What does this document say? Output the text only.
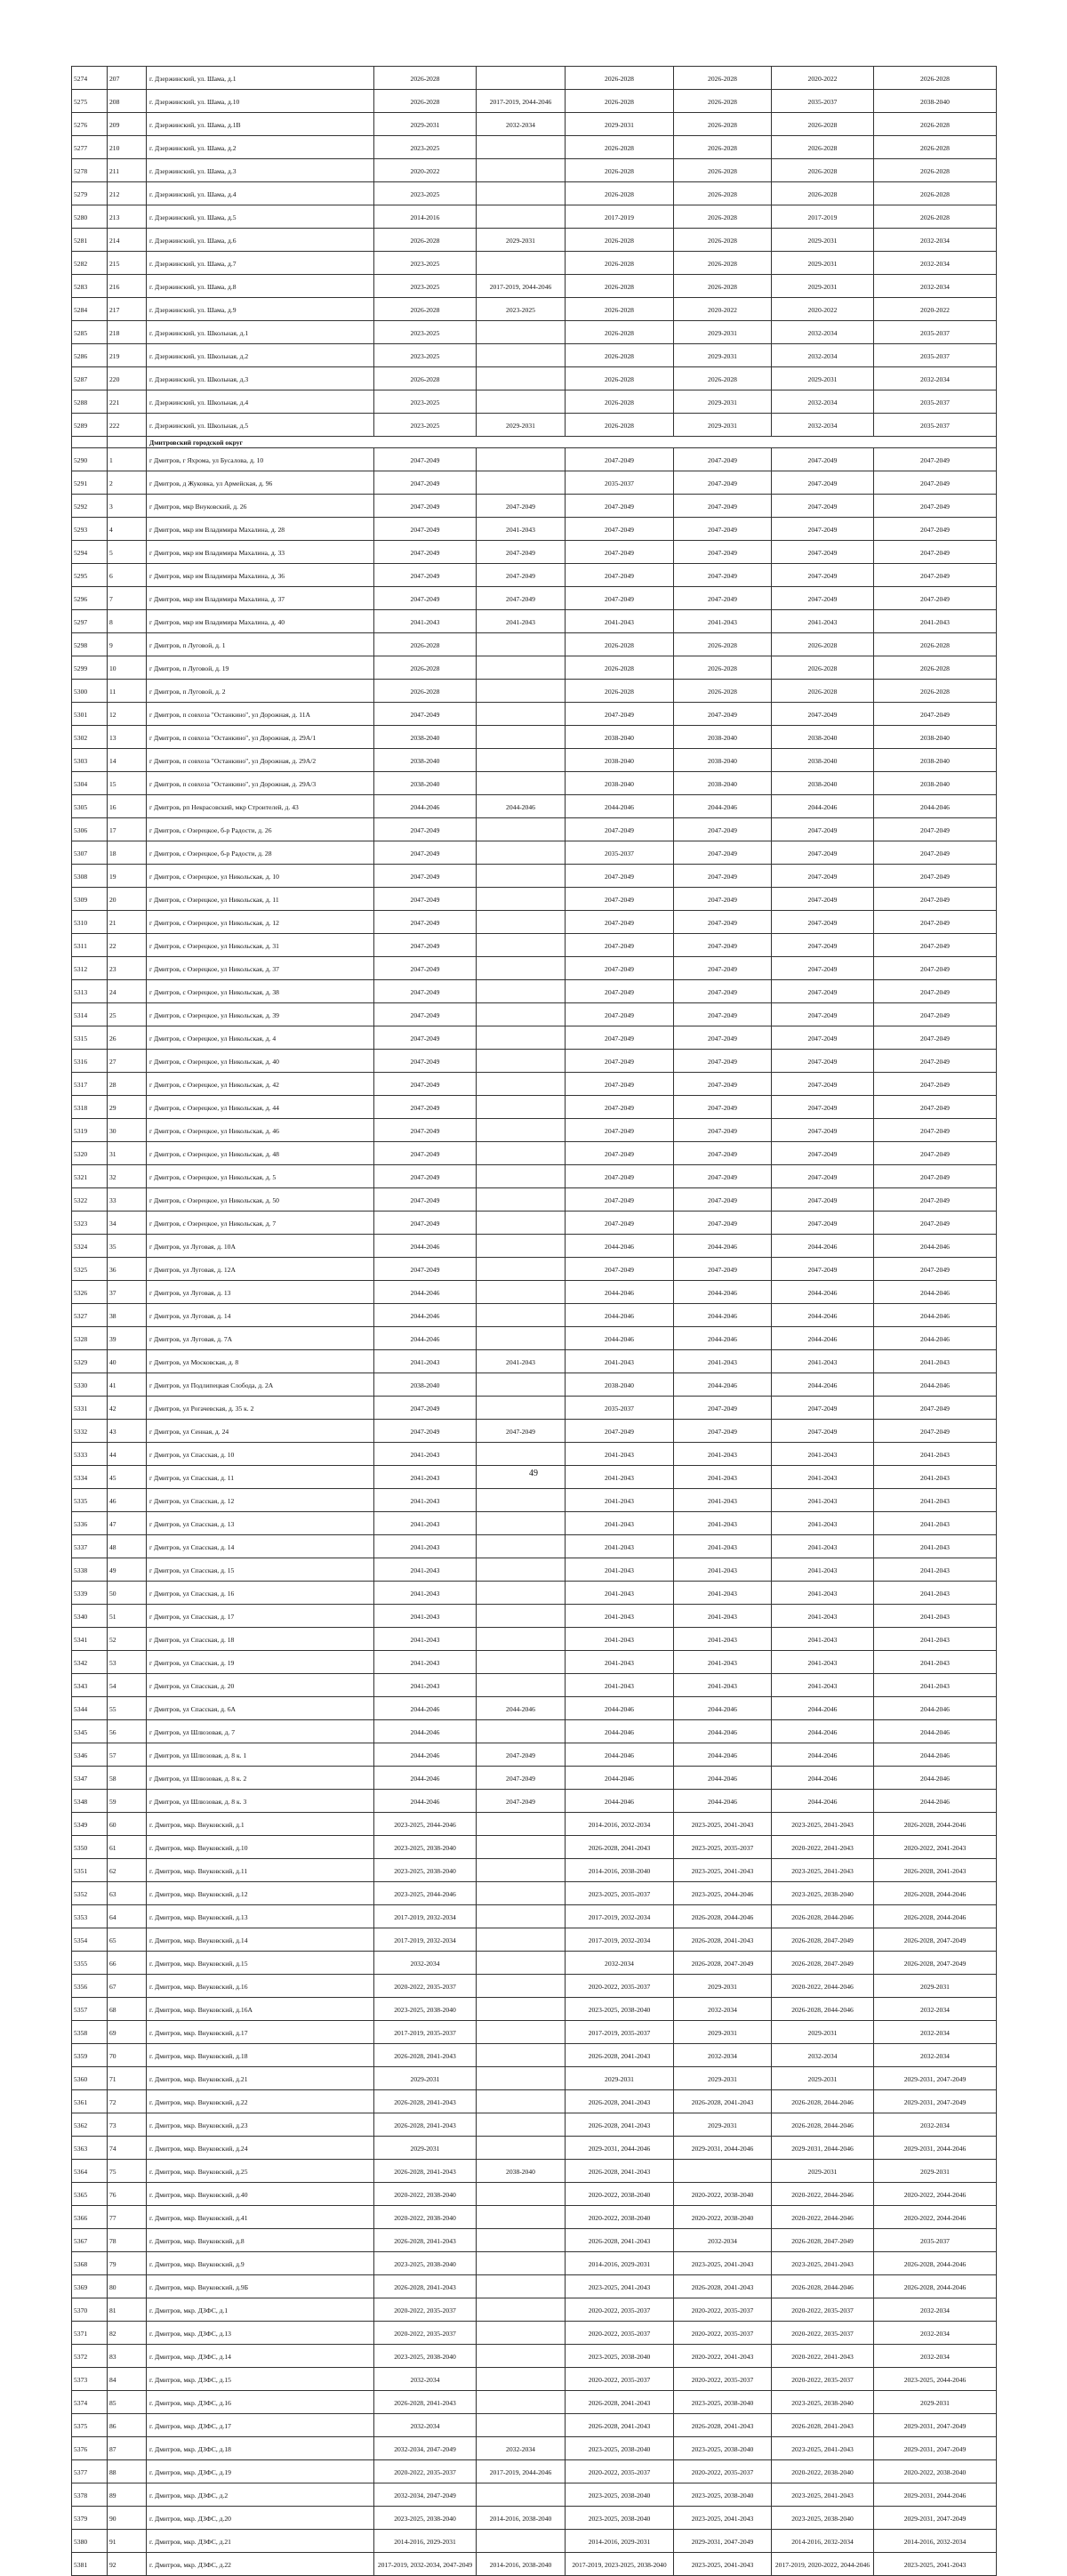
5274	207	г. Дзержинский, ул. Шама, д.1	2026-2028		2026-2028	2026-2028	2020-2022	2026-2028
5275	208	г. Дзержинский, ул. Шама, д.10	2026-2028	2017-2019, 2044-2046	2026-2028	2026-2028	2035-2037	2038-2040
5276	209	г. Дзержинский, ул. Шама, д.1В	2029-2031	2032-2034	2029-2031	2026-2028	2026-2028	2026-2028
5277	210	г. Дзержинский, ул. Шама, д.2	2023-2025		2026-2028	2026-2028	2026-2028	2026-2028
5278	211	г. Дзержинский, ул. Шама, д.3	2020-2022		2026-2028	2026-2028	2026-2028	2026-2028
5279	212	г. Дзержинский, ул. Шама, д.4	2023-2025		2026-2028	2026-2028	2026-2028	2026-2028
5280	213	г. Дзержинский, ул. Шама, д.5	2014-2016		2017-2019	2026-2028	2017-2019	2026-2028
5281	214	г. Дзержинский, ул. Шама, д.6	2026-2028	2029-2031	2026-2028	2026-2028	2029-2031	2032-2034
5282	215	г. Дзержинский, ул. Шама, д.7	2023-2025		2026-2028	2026-2028	2029-2031	2032-2034
5283	216	г. Дзержинский, ул. Шама, д.8	2023-2025	2017-2019, 2044-2046	2026-2028	2026-2028	2029-2031	2032-2034
5284	217	г. Дзержинский, ул. Шама, д.9	2026-2028	2023-2025	2026-2028	2020-2022	2020-2022	2020-2022
5285	218	г. Дзержинский, ул. Школьная, д.1	2023-2025		2026-2028	2029-2031	2032-2034	2035-2037
5286	219	г. Дзержинский, ул. Школьная, д.2	2023-2025		2026-2028	2029-2031	2032-2034	2035-2037
5287	220	г. Дзержинский, ул. Школьная, д.3	2026-2028		2026-2028	2026-2028	2029-2031	2032-2034
5288	221	г. Дзержинский, ул. Школьная, д.4	2023-2025		2026-2028	2029-2031	2032-2034	2035-2037
5289	222	г. Дзержинский, ул. Школьная, д.5	2023-2025	2029-2031	2026-2028	2029-2031	2032-2034	2035-2037
		Дмитровский городской округ						
5290	1	г Дмитров, г Яхрома, ул Бусалова, д. 10	2047-2049		2047-2049	2047-2049	2047-2049	2047-2049
5291	2	г Дмитров, д Жуковка, ул Армейская, д. 96	2047-2049		2035-2037	2047-2049	2047-2049	2047-2049
5292	3	г Дмитров, мкр Внуковский, д. 26	2047-2049	2047-2049	2047-2049	2047-2049	2047-2049	2047-2049
5293	4	г Дмитров, мкр им Владимира Махалина, д. 28	2047-2049	2041-2043	2047-2049	2047-2049	2047-2049	2047-2049
5294	5	г Дмитров, мкр им Владимира Махалина, д. 33	2047-2049	2047-2049	2047-2049	2047-2049	2047-2049	2047-2049
5295	6	г Дмитров, мкр им Владимира Махалина, д. 36	2047-2049	2047-2049	2047-2049	2047-2049	2047-2049	2047-2049
5296	7	г Дмитров, мкр им Владимира Махалина, д. 37	2047-2049	2047-2049	2047-2049	2047-2049	2047-2049	2047-2049
5297	8	г Дмитров, мкр им Владимира Махалина, д. 40	2041-2043	2041-2043	2041-2043	2041-2043	2041-2043	2041-2043
5298	9	г Дмитров, п Луговой, д. 1	2026-2028		2026-2028	2026-2028	2026-2028	2026-2028
5299	10	г Дмитров, п Луговой, д. 19	2026-2028		2026-2028	2026-2028	2026-2028	2026-2028
5300	11	г Дмитров, п Луговой, д. 2	2026-2028		2026-2028	2026-2028	2026-2028	2026-2028
5301	12	г Дмитров, п совхоза "Останкино", ул Дорожная, д. 11А	2047-2049		2047-2049	2047-2049	2047-2049	2047-2049
5302	13	г Дмитров, п совхоза "Останкино", ул Дорожная, д. 29А/1	2038-2040		2038-2040	2038-2040	2038-2040	2038-2040
5303	14	г Дмитров, п совхоза "Останкино", ул Дорожная, д. 29А/2	2038-2040		2038-2040	2038-2040	2038-2040	2038-2040
5304	15	г Дмитров, п совхоза "Останкино", ул Дорожная, д. 29А/3	2038-2040		2038-2040	2038-2040	2038-2040	2038-2040
5305	16	г Дмитров, рп Некрасовский, мкр Строителей, д. 43	2044-2046	2044-2046	2044-2046	2044-2046	2044-2046	2044-2046
5306	17	г Дмитров, с Озерецкое, б-р Радости, д. 26	2047-2049		2047-2049	2047-2049	2047-2049	2047-2049
5307	18	г Дмитров, с Озерецкое, б-р Радости, д. 28	2047-2049		2035-2037	2047-2049	2047-2049	2047-2049
5308	19	г Дмитров, с Озерецкое, ул Никольская, д. 10	2047-2049		2047-2049	2047-2049	2047-2049	2047-2049
5309	20	г Дмитров, с Озерецкое, ул Никольская, д. 11	2047-2049		2047-2049	2047-2049	2047-2049	2047-2049
5310	21	г Дмитров, с Озерецкое, ул Никольская, д. 12	2047-2049		2047-2049	2047-2049	2047-2049	2047-2049
5311	22	г Дмитров, с Озерецкое, ул Никольская, д. 31	2047-2049		2047-2049	2047-2049	2047-2049	2047-2049
5312	23	г Дмитров, с Озерецкое, ул Никольская, д. 37	2047-2049		2047-2049	2047-2049	2047-2049	2047-2049
5313	24	г Дмитров, с Озерецкое, ул Никольская, д. 38	2047-2049		2047-2049	2047-2049	2047-2049	2047-2049
5314	25	г Дмитров, с Озерецкое, ул Никольская, д. 39	2047-2049		2047-2049	2047-2049	2047-2049	2047-2049
5315	26	г Дмитров, с Озерецкое, ул Никольская, д. 4	2047-2049		2047-2049	2047-2049	2047-2049	2047-2049
5316	27	г Дмитров, с Озерецкое, ул Никольская, д. 40	2047-2049		2047-2049	2047-2049	2047-2049	2047-2049
5317	28	г Дмитров, с Озерецкое, ул Никольская, д. 42	2047-2049		2047-2049	2047-2049	2047-2049	2047-2049
5318	29	г Дмитров, с Озерецкое, ул Никольская, д. 44	2047-2049		2047-2049	2047-2049	2047-2049	2047-2049
5319	30	г Дмитров, с Озерецкое, ул Никольская, д. 46	2047-2049		2047-2049	2047-2049	2047-2049	2047-2049
5320	31	г Дмитров, с Озерецкое, ул Никольская, д. 48	2047-2049		2047-2049	2047-2049	2047-2049	2047-2049
5321	32	г Дмитров, с Озерецкое, ул Никольская, д. 5	2047-2049		2047-2049	2047-2049	2047-2049	2047-2049
5322	33	г Дмитров, с Озерецкое, ул Никольская, д. 50	2047-2049		2047-2049	2047-2049	2047-2049	2047-2049
5323	34	г Дмитров, с Озерецкое, ул Никольская, д. 7	2047-2049		2047-2049	2047-2049	2047-2049	2047-2049
5324	35	г Дмитров, ул Луговая, д. 10А	2044-2046		2044-2046	2044-2046	2044-2046	2044-2046
5325	36	г Дмитров, ул Луговая, д. 12А	2047-2049		2047-2049	2047-2049	2047-2049	2047-2049
5326	37	г Дмитров, ул Луговая, д. 13	2044-2046		2044-2046	2044-2046	2044-2046	2044-2046
5327	38	г Дмитров, ул Луговая, д. 14	2044-2046		2044-2046	2044-2046	2044-2046	2044-2046
5328	39	г Дмитров, ул Луговая, д. 7А	2044-2046		2044-2046	2044-2046	2044-2046	2044-2046
5329	40	г Дмитров, ул Московская, д. 8	2041-2043	2041-2043	2041-2043	2041-2043	2041-2043	2041-2043
5330	41	г Дмитров, ул Подлипецкая Слобода, д. 2А	2038-2040		2038-2040	2044-2046	2044-2046	2044-2046
5331	42	г Дмитров, ул Рогачевская, д. 35 к. 2	2047-2049		2035-2037	2047-2049	2047-2049	2047-2049
5332	43	г Дмитров, ул Сенная, д. 24	2047-2049	2047-2049	2047-2049	2047-2049	2047-2049	2047-2049
5333	44	г Дмитров, ул Спасская, д. 10	2041-2043		2041-2043	2041-2043	2041-2043	2041-2043
5334	45	г Дмитров, ул Спасская, д. 11	2041-2043		2041-2043	2041-2043	2041-2043	2041-2043
5335	46	г Дмитров, ул Спасская, д. 12	2041-2043		2041-2043	2041-2043	2041-2043	2041-2043
5336	47	г Дмитров, ул Спасская, д. 13	2041-2043		2041-2043	2041-2043	2041-2043	2041-2043
5337	48	г Дмитров, ул Спасская, д. 14	2041-2043		2041-2043	2041-2043	2041-2043	2041-2043
5338	49	г Дмитров, ул Спасская, д. 15	2041-2043		2041-2043	2041-2043	2041-2043	2041-2043
5339	50	г Дмитров, ул Спасская, д. 16	2041-2043		2041-2043	2041-2043	2041-2043	2041-2043
5340	51	г Дмитров, ул Спасская, д. 17	2041-2043		2041-2043	2041-2043	2041-2043	2041-2043
5341	52	г Дмитров, ул Спасская, д. 18	2041-2043		2041-2043	2041-2043	2041-2043	2041-2043
5342	53	г Дмитров, ул Спасская, д. 19	2041-2043		2041-2043	2041-2043	2041-2043	2041-2043
5343	54	г Дмитров, ул Спасская, д. 20	2041-2043		2041-2043	2041-2043	2041-2043	2041-2043
5344	55	г Дмитров, ул Спасская, д. 6А	2044-2046	2044-2046	2044-2046	2044-2046	2044-2046	2044-2046
5345	56	г Дмитров, ул Шлюзовая, д. 7	2044-2046		2044-2046	2044-2046	2044-2046	2044-2046
5346	57	г Дмитров, ул Шлюзовая, д. 8 к. 1	2044-2046	2047-2049	2044-2046	2044-2046	2044-2046	2044-2046
5347	58	г Дмитров, ул Шлюзовая, д. 8 к. 2	2044-2046	2047-2049	2044-2046	2044-2046	2044-2046	2044-2046
5348	59	г Дмитров, ул Шлюзовая, д. 8 к. 3	2044-2046	2047-2049	2044-2046	2044-2046	2044-2046	2044-2046
5349	60	г. Дмитров, мкр. Внуковский, д.1	2023-2025, 2044-2046		2014-2016, 2032-2034	2023-2025, 2041-2043	2023-2025, 2041-2043	2026-2028, 2044-2046
5350	61	г. Дмитров, мкр. Внуковский, д.10	2023-2025, 2038-2040		2026-2028, 2041-2043	2023-2025, 2035-2037	2020-2022, 2041-2043	2020-2022, 2041-2043
5351	62	г. Дмитров, мкр. Внуковский, д.11	2023-2025, 2038-2040		2014-2016, 2038-2040	2023-2025, 2041-2043	2023-2025, 2041-2043	2026-2028, 2041-2043
5352	63	г. Дмитров, мкр. Внуковский, д.12	2023-2025, 2044-2046		2023-2025, 2035-2037	2023-2025, 2044-2046	2023-2025, 2038-2040	2026-2028, 2044-2046
5353	64	г. Дмитров, мкр. Внуковский, д.13	2017-2019, 2032-2034		2017-2019, 2032-2034	2026-2028, 2044-2046	2026-2028, 2044-2046	2026-2028, 2044-2046
5354	65	г. Дмитров, мкр. Внуковский, д.14	2017-2019, 2032-2034		2017-2019, 2032-2034	2026-2028, 2041-2043	2026-2028, 2047-2049	2026-2028, 2047-2049
5355	66	г. Дмитров, мкр. Внуковский, д.15	2032-2034		2032-2034	2026-2028, 2047-2049	2026-2028, 2047-2049	2026-2028, 2047-2049
5356	67	г. Дмитров, мкр. Внуковский, д.16	2020-2022, 2035-2037		2020-2022, 2035-2037	2029-2031	2020-2022, 2044-2046	2029-2031
5357	68	г. Дмитров, мкр. Внуковский, д.16А	2023-2025, 2038-2040		2023-2025, 2038-2040	2032-2034	2026-2028, 2044-2046	2032-2034
5358	69	г. Дмитров, мкр. Внуковский, д.17	2017-2019, 2035-2037		2017-2019, 2035-2037	2029-2031	2029-2031	2032-2034
5359	70	г. Дмитров, мкр. Внуковский, д.18	2026-2028, 2041-2043		2026-2028, 2041-2043	2032-2034	2032-2034	2032-2034
5360	71	г. Дмитров, мкр. Внуковский, д.21	2029-2031		2029-2031	2029-2031	2029-2031	2029-2031, 2047-2049
5361	72	г. Дмитров, мкр. Внуковский, д.22	2026-2028, 2041-2043		2026-2028, 2041-2043	2026-2028, 2041-2043	2026-2028, 2044-2046	2029-2031, 2047-2049
5362	73	г. Дмитров, мкр. Внуковский, д.23	2026-2028, 2041-2043		2026-2028, 2041-2043	2029-2031	2026-2028, 2044-2046	2032-2034
5363	74	г. Дмитров, мкр. Внуковский, д.24	2029-2031		2029-2031, 2044-2046	2029-2031, 2044-2046	2029-2031, 2044-2046	2029-2031, 2044-2046
5364	75	г. Дмитров, мкр. Внуковский, д.25	2026-2028, 2041-2043	2038-2040	2026-2028, 2041-2043		2029-2031	2029-2031
5365	76	г. Дмитров, мкр. Внуковский, д.40	2020-2022, 2038-2040		2020-2022, 2038-2040	2020-2022, 2038-2040	2020-2022, 2044-2046	2020-2022, 2044-2046
5366	77	г. Дмитров, мкр. Внуковский, д.41	2020-2022, 2038-2040		2020-2022, 2038-2040	2020-2022, 2038-2040	2020-2022, 2044-2046	2020-2022, 2044-2046
5367	78	г. Дмитров, мкр. Внуковский, д.8	2026-2028, 2041-2043		2026-2028, 2041-2043	2032-2034	2026-2028, 2047-2049	2035-2037
5368	79	г. Дмитров, мкр. Внуковский, д.9	2023-2025, 2038-2040		2014-2016, 2029-2031	2023-2025, 2041-2043	2023-2025, 2041-2043	2026-2028, 2044-2046
5369	80	г. Дмитров, мкр. Внуковский, д.9Б	2026-2028, 2041-2043		2023-2025, 2041-2043	2026-2028, 2041-2043	2026-2028, 2044-2046	2026-2028, 2044-2046
5370	81	г. Дмитров, мкр. ДЗФС, д.1	2020-2022, 2035-2037		2020-2022, 2035-2037	2020-2022, 2035-2037	2020-2022, 2035-2037	2032-2034
5371	82	г. Дмитров, мкр. ДЗФС, д.13	2020-2022, 2035-2037		2020-2022, 2035-2037	2020-2022, 2035-2037	2020-2022, 2035-2037	2032-2034
5372	83	г. Дмитров, мкр. ДЗФС, д.14	2023-2025, 2038-2040		2023-2025, 2038-2040	2020-2022, 2041-2043	2020-2022, 2041-2043	2032-2034
5373	84	г. Дмитров, мкр. ДЗФС, д.15	2032-2034		2020-2022, 2035-2037	2020-2022, 2035-2037	2020-2022, 2035-2037	2023-2025, 2044-2046
5374	85	г. Дмитров, мкр. ДЗФС, д.16	2026-2028, 2041-2043		2026-2028, 2041-2043	2023-2025, 2038-2040	2023-2025, 2038-2040	2029-2031
5375	86	г. Дмитров, мкр. ДЗФС, д.17	2032-2034		2026-2028, 2041-2043	2026-2028, 2041-2043	2026-2028, 2041-2043	2029-2031, 2047-2049
5376	87	г. Дмитров, мкр. ДЗФС, д.18	2032-2034, 2047-2049	2032-2034	2023-2025, 2038-2040	2023-2025, 2038-2040	2023-2025, 2041-2043	2029-2031, 2047-2049
5377	88	г. Дмитров, мкр. ДЗФС, д.19	2020-2022, 2035-2037	2017-2019, 2044-2046	2020-2022, 2035-2037	2020-2022, 2035-2037	2020-2022, 2038-2040	2020-2022, 2038-2040
5378	89	г. Дмитров, мкр. ДЗФС, д.2	2032-2034, 2047-2049		2023-2025, 2038-2040	2023-2025, 2038-2040	2023-2025, 2041-2043	2029-2031, 2044-2046
5379	90	г. Дмитров, мкр. ДЗФС, д.20	2023-2025, 2038-2040	2014-2016, 2038-2040	2023-2025, 2038-2040	2023-2025, 2041-2043	2023-2025, 2038-2040	2029-2031, 2047-2049
5380	91	г. Дмитров, мкр. ДЗФС, д.21	2014-2016, 2029-2031		2014-2016, 2029-2031	2029-2031, 2047-2049	2014-2016, 2032-2034	2014-2016, 2032-2034
5381	92	г. Дмитров, мкр. ДЗФС, д.22	2017-2019, 2032-2034, 2047-2049	2014-2016, 2038-2040	2017-2019, 2023-2025, 2038-2040	2023-2025, 2041-2043	2017-2019, 2020-2022, 2044-2046	2023-2025, 2041-2043
49
